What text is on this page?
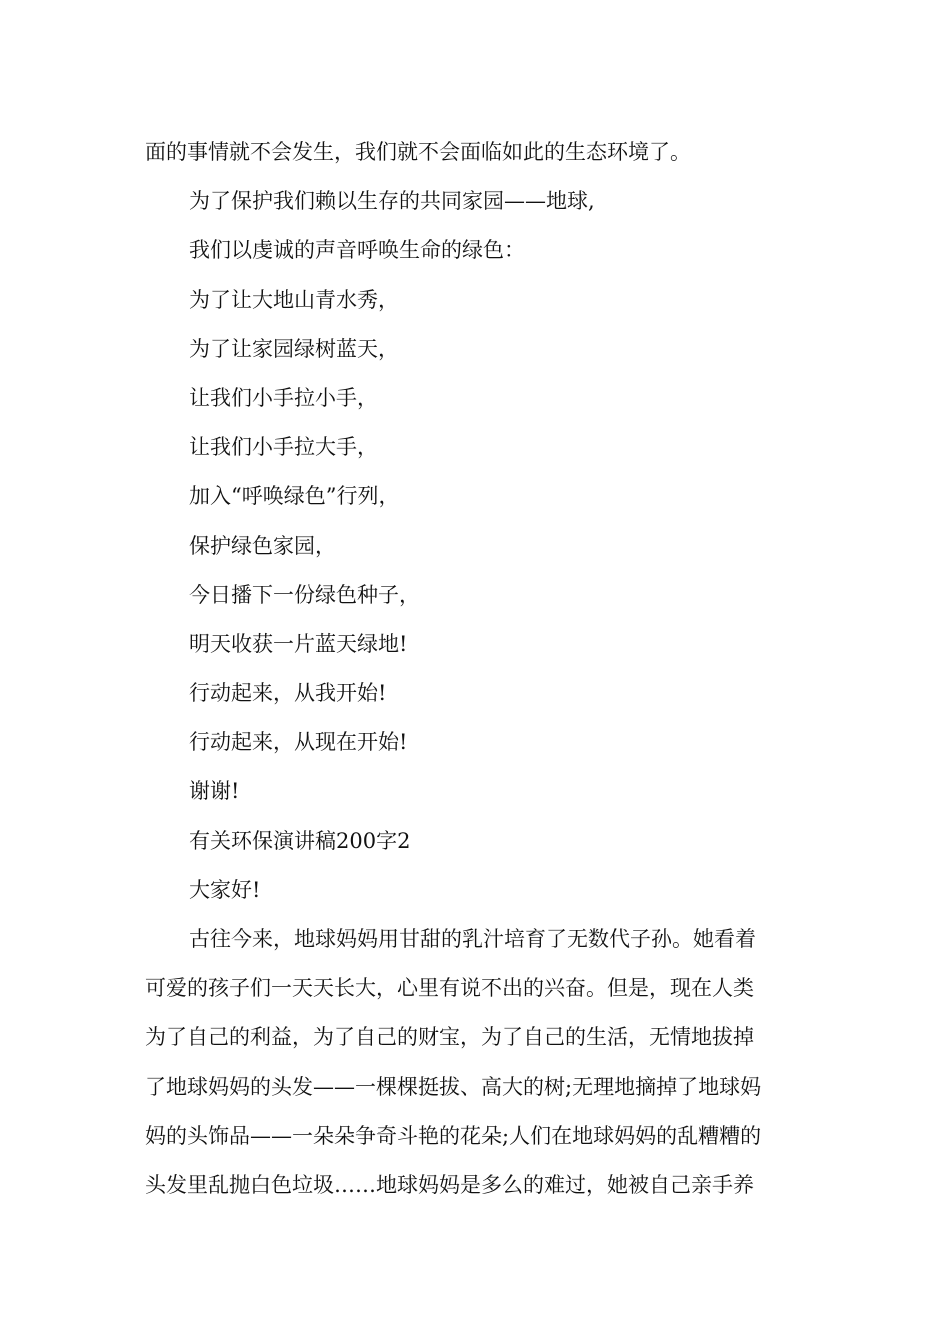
面的事情就不会发生，我们就不会面临如此的生态环境了。

为了保护我们赖以生存的共同家园——地球,

我们以虔诚的声音呼唤生命的绿色：

为了让大地山青水秀，

为了让家园绿树蓝天，

让我们小手拉小手，

让我们小手拉大手，

加入“呼唤绿色”行列，

保护绿色家园，

今日播下一份绿色种子，

明天收获一片蓝天绿地!

行动起来，从我开始!

行动起来，从现在开始!

谢谢!

有关环保演讲稿200字2

大家好!

古往今来，地球妈妈用甘甜的乳汁培育了无数代子孙。她看着

可爱的孩子们一天天长大，心里有说不出的兴奋。但是，现在人类

为了自己的利益，为了自己的财宝，为了自己的生活，无情地拔掉

了地球妈妈的头发——一棵棵挺拔、高大的树;无理地摘掉了地球妈

妈的头饰品——一朵朵争奇斗艳的花朵;人们在地球妈妈的乱糟糟的

头发里乱抛白色垃圾……地球妈妈是多么的难过，她被自己亲手养
